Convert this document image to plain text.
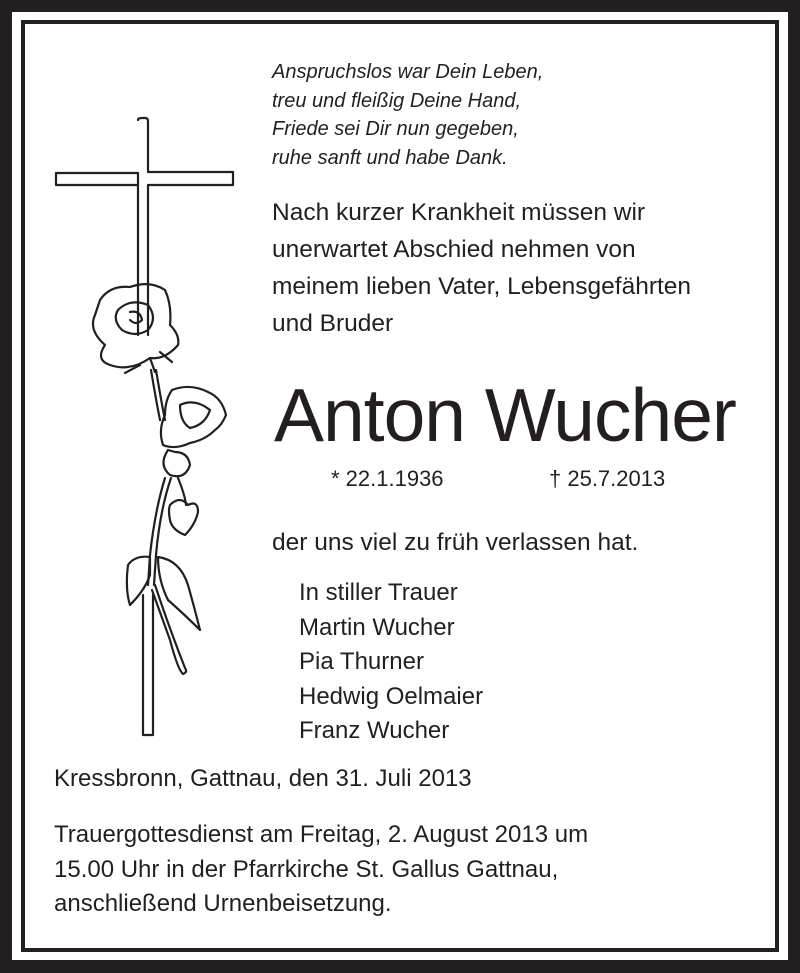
Anspruchslos war Dein Leben,
treu und fleißig Deine Hand,
Friede sei Dir nun gegeben,
ruhe sanft und habe Dank.

Nach kurzer Krankheit müssen wir
unerwartet Abschied nehmen von
meinem lieben Vater, Lebensgefährten
und Bruder

Anton Wucher
* 22.1.1936	† 25.7.2013
der uns viel zu früh verlassen hat.
In stiller Trauer
Martin Wucher
Pia Thurner
Hedwig Oelmaier
Franz Wucher
Kressbronn, Gattnau, den 31. Juli 2013
Trauergottesdienst am Freitag, 2. August 2013 um
15.00 Uhr in der Pfarrkirche St. Gallus Gattnau,
anschließend Urnenbeisetzung.
